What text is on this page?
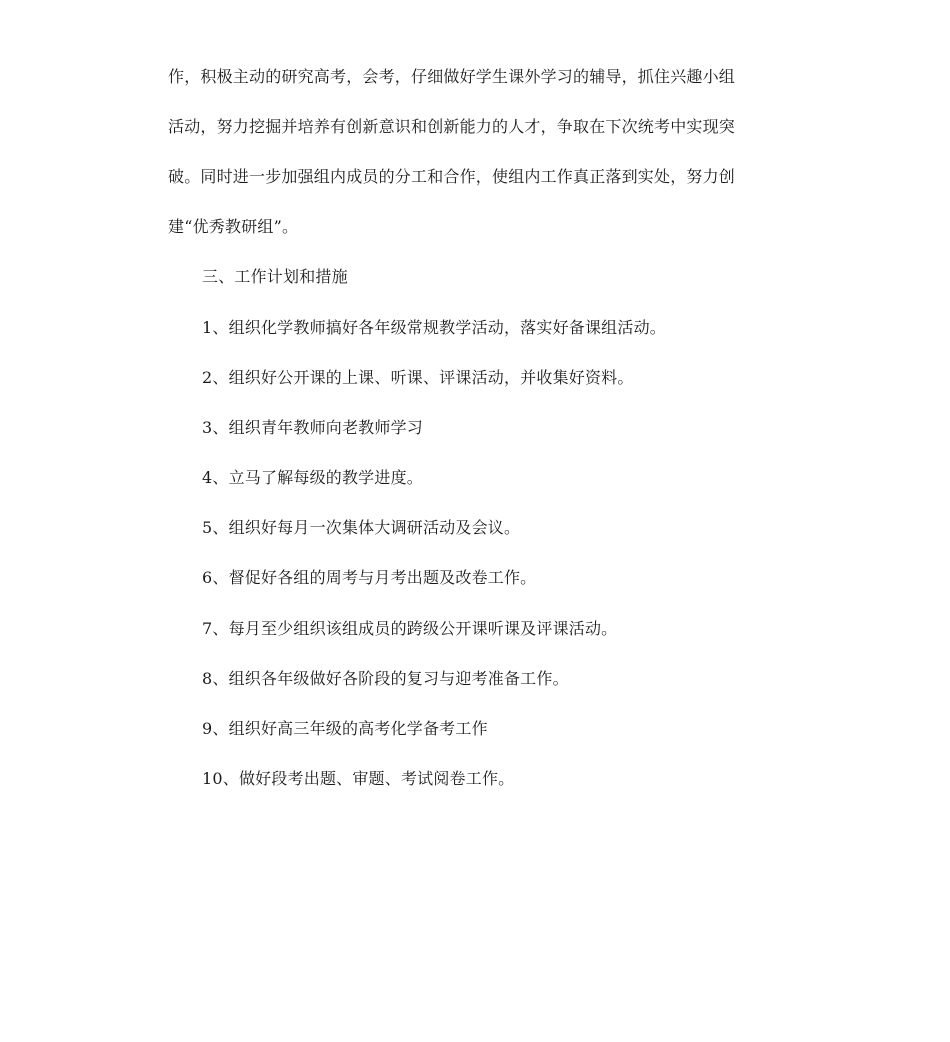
作，积极主动的研究高考，会考，仔细做好学生课外学习的辅导，抓住兴趣小组
活动，努力挖掘并培养有创新意识和创新能力的人才，争取在下次统考中实现突
破。同时进一步加强组内成员的分工和合作，使组内工作真正落到实处，努力创
建“优秀教研组”。
三、工作计划和措施
1、组织化学教师搞好各年级常规教学活动，落实好备课组活动。
2、组织好公开课的上课、听课、评课活动，并收集好资料。
3、组织青年教师向老教师学习
4、立马了解每级的教学进度。
5、组织好每月一次集体大调研活动及会议。
6、督促好各组的周考与月考出题及改卷工作。
7、每月至少组织该组成员的跨级公开课听课及评课活动。
8、组织各年级做好各阶段的复习与迎考准备工作。
9、组织好高三年级的高考化学备考工作
10、做好段考出题、审题、考试阅卷工作。
